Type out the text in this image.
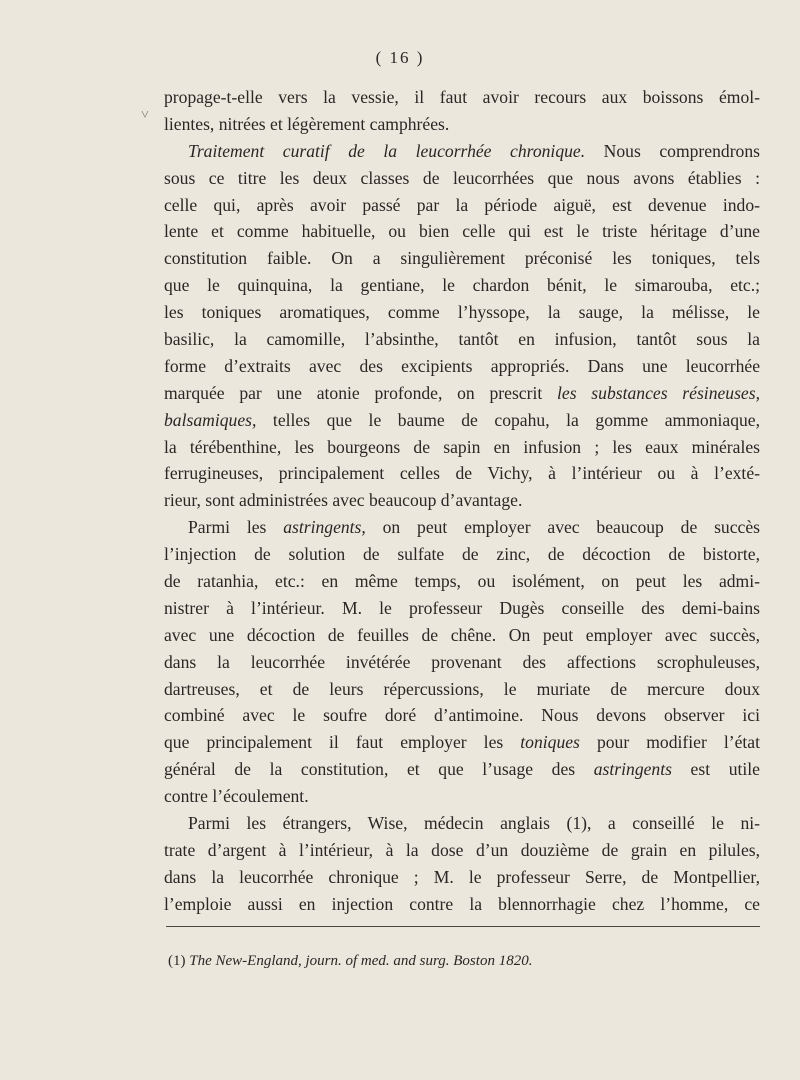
( 16 )
˅
propage-t-elle vers la vessie, il faut avoir recours aux boissons émol-
lientes, nitrées et légèrement camphrées.
Traitement curatif de la leucorrhée chronique. Nous comprendrons
sous ce titre les deux classes de leucorrhées que nous avons établies :
celle qui, après avoir passé par la période aiguë, est devenue indo-
lente et comme habituelle, ou bien celle qui est le triste héritage d’une
constitution faible. On a singulièrement préconisé les toniques, tels
que le quinquina, la gentiane, le chardon bénit, le simarouba, etc.;
les toniques aromatiques, comme l’hyssope, la sauge, la mélisse, le
basilic, la camomille, l’absinthe, tantôt en infusion, tantôt sous la
forme d’extraits avec des excipients appropriés. Dans une leucorrhée
marquée par une atonie profonde, on prescrit les substances résineuses,
balsamiques, telles que le baume de copahu, la gomme ammoniaque,
la térébenthine, les bourgeons de sapin en infusion ; les eaux minérales
ferrugineuses, principalement celles de Vichy, à l’intérieur ou à l’exté-
rieur, sont administrées avec beaucoup d’avantage.
Parmi les astringents, on peut employer avec beaucoup de succès
l’injection de solution de sulfate de zinc, de décoction de bistorte,
de ratanhia, etc.: en même temps, ou isolément, on peut les admi-
nistrer à l’intérieur. M. le professeur Dugès conseille des demi-bains
avec une décoction de feuilles de chêne. On peut employer avec succès,
dans la leucorrhée invétérée provenant des affections scrophuleuses,
dartreuses, et de leurs répercussions, le muriate de mercure doux
combiné avec le soufre doré d’antimoine. Nous devons observer ici
que principalement il faut employer les toniques pour modifier l’état
général de la constitution, et que l’usage des astringents est utile
contre l’écoulement.
Parmi les étrangers, Wise, médecin anglais (1), a conseillé le ni-
trate d’argent à l’intérieur, à la dose d’un douzième de grain en pilules,
dans la leucorrhée chronique ; M. le professeur Serre, de Montpellier,
l’emploie aussi en injection contre la blennorrhagie chez l’homme, ce
(1) The New-England, journ. of med. and surg. Boston 1820.
